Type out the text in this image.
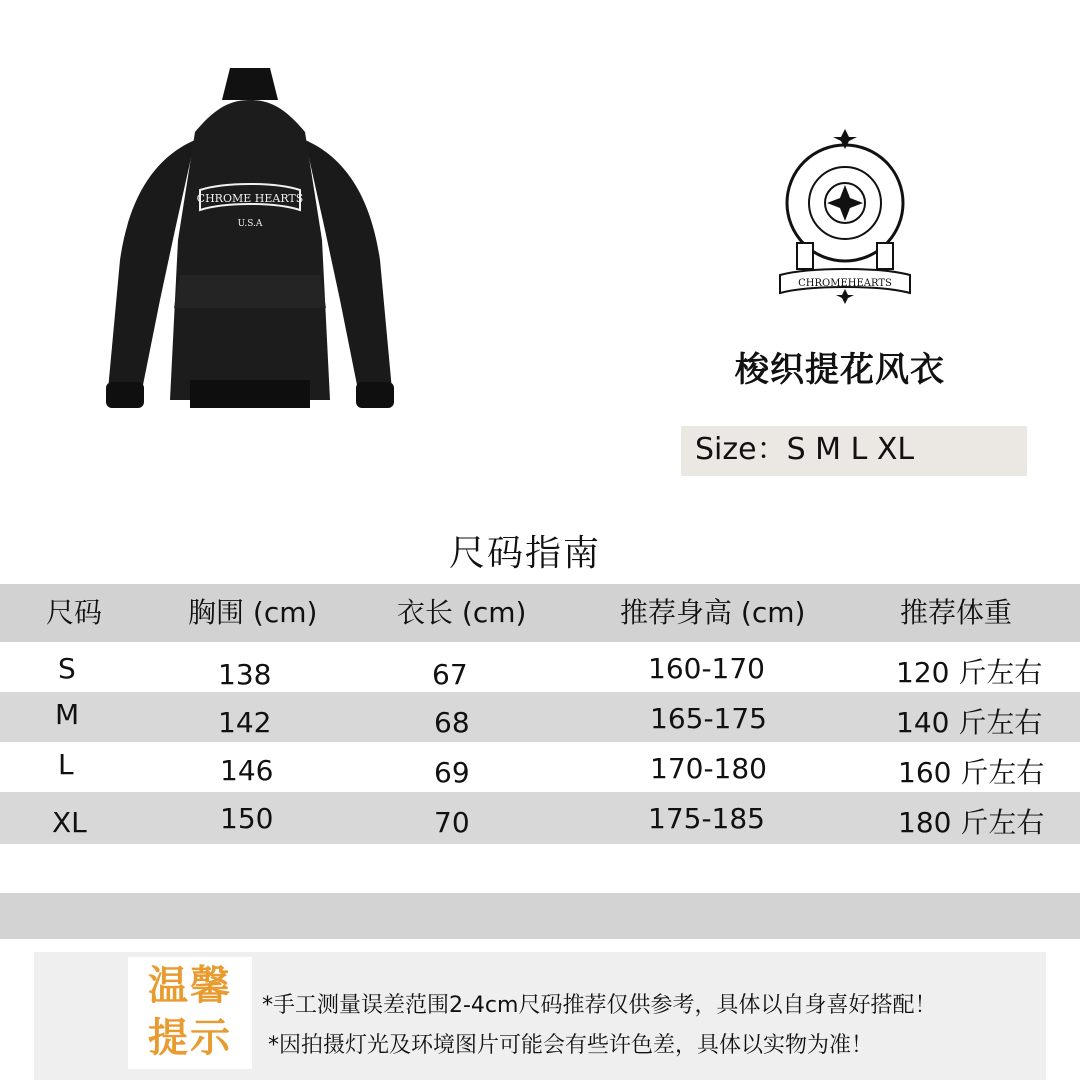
CHROME HEARTS
U.S.A
CHROMEHEARTS
梭织提花风衣
Size：S M L XL
尺码指南
尺码	胸围 (cm)	衣长 (cm)	推荐身高 (cm)	推荐体重
S	138	67	160-170	120 斤左右
M	142	68	165-175	140 斤左右
L	146	69	170-180	160 斤左右
XL	150	70	175-185	180 斤左右
温馨
提示
*手工测量误差范围2-4cm尺码推荐仅供参考，具体以自身喜好搭配！
*因拍摄灯光及环境图片可能会有些许色差，具体以实物为准！
